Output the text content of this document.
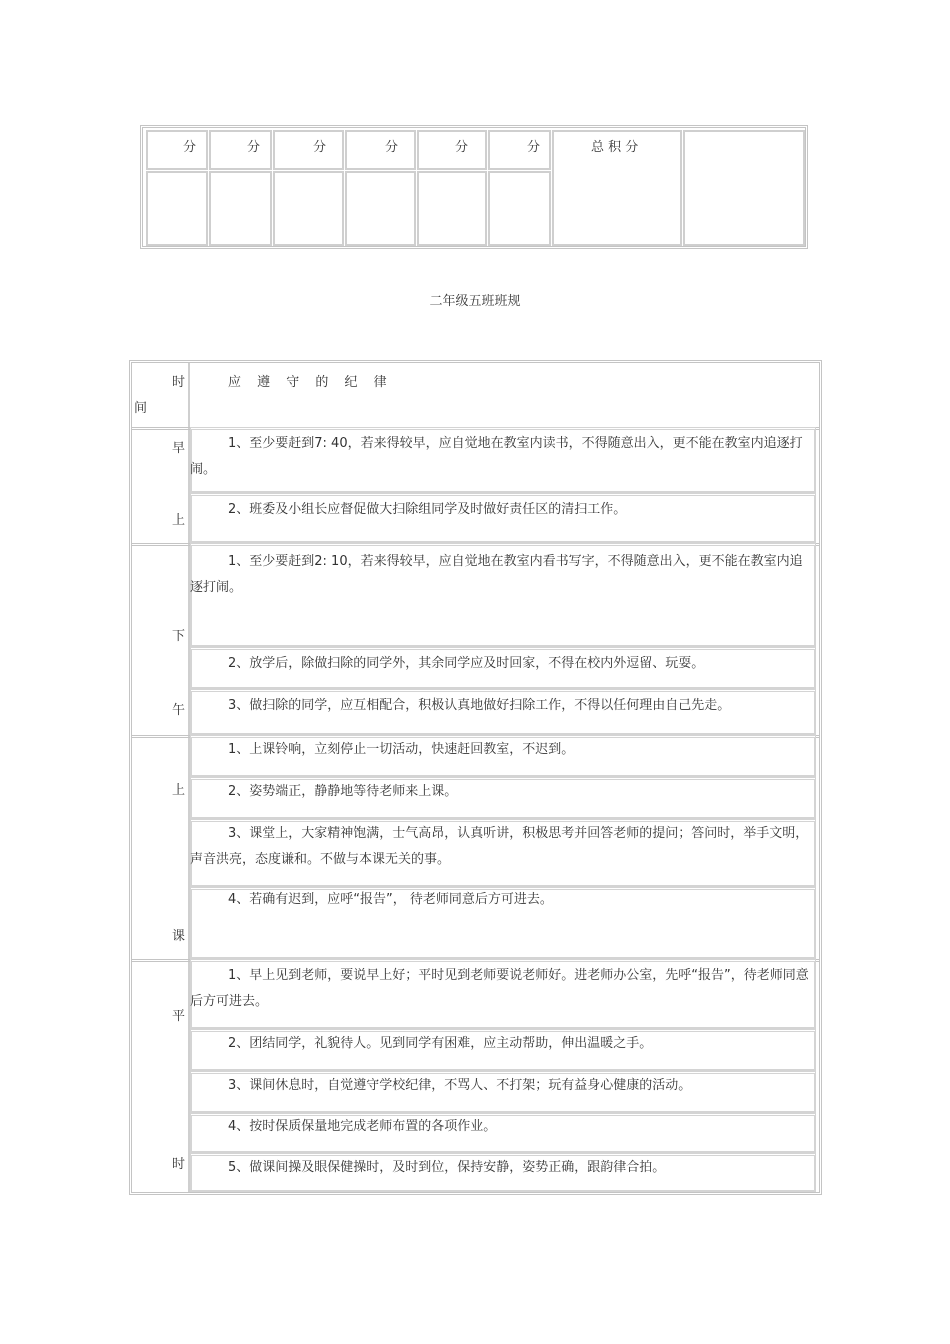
分	分	分	分	分	分	总 积 分
二年级五班班规
时
间
应 遵 守 的 纪 律
早
上
1、至少要赶到7: 40，若来得较早，应自觉地在教室内读书，不得随意出入，更不能在教室内追逐打闹。
2、班委及小组长应督促做大扫除组同学及时做好责任区的清扫工作。
下
午
1、至少要赶到2: 10，若来得较早，应自觉地在教室内看书写字，不得随意出入，更不能在教室内追逐打闹。
2、放学后，除做扫除的同学外，其余同学应及时回家，不得在校内外逗留、玩耍。
3、做扫除的同学，应互相配合，积极认真地做好扫除工作，不得以任何理由自己先走。
上
课
1、上课铃响，立刻停止一切活动，快速赶回教室，不迟到。
2、姿势端正，静静地等待老师来上课。
3、课堂上，大家精神饱满，士气高昂，认真听讲，积极思考并回答老师的提问；答问时，举手文明，声音洪亮，态度谦和。不做与本课无关的事。
4、若确有迟到，应呼“报告”， 待老师同意后方可进去。
平
时
1、早上见到老师，要说早上好；平时见到老师要说老师好。进老师办公室，先呼“报告”，待老师同意后方可进去。
2、团结同学，礼貌待人。见到同学有困难，应主动帮助，伸出温暖之手。
3、课间休息时，自觉遵守学校纪律，不骂人、不打架；玩有益身心健康的活动。
4、按时保质保量地完成老师布置的各项作业。
5、做课间操及眼保健操时，及时到位，保持安静，姿势正确，跟韵律合拍。
